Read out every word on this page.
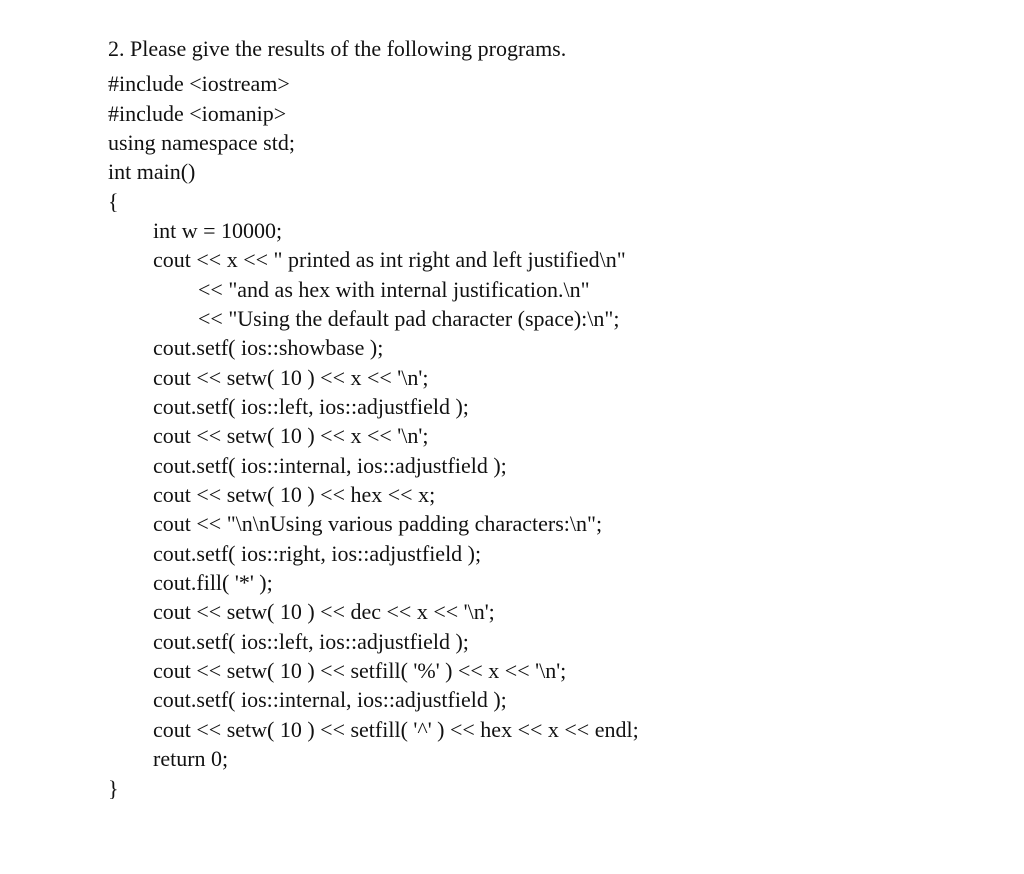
2. Please give the results of the following programs.
#include <iostream>
#include <iomanip>
using namespace std;
int main()
{
int w = 10000;
cout << x << " printed as int right and left justified\n"
<< "and as hex with internal justification.\n"
<< "Using the default pad character (space):\n";
cout.setf( ios::showbase );
cout << setw( 10 ) << x << '\n';
cout.setf( ios::left, ios::adjustfield );
cout << setw( 10 ) << x << '\n';
cout.setf( ios::internal, ios::adjustfield );
cout << setw( 10 ) << hex << x;
cout << "\n\nUsing various padding characters:\n";
cout.setf( ios::right, ios::adjustfield );
cout.fill( '*' );
cout << setw( 10 ) << dec << x << '\n';
cout.setf( ios::left, ios::adjustfield );
cout << setw( 10 ) << setfill( '%' ) << x << '\n';
cout.setf( ios::internal, ios::adjustfield );
cout << setw( 10 ) << setfill( '^' ) << hex << x << endl;
return 0;
}
